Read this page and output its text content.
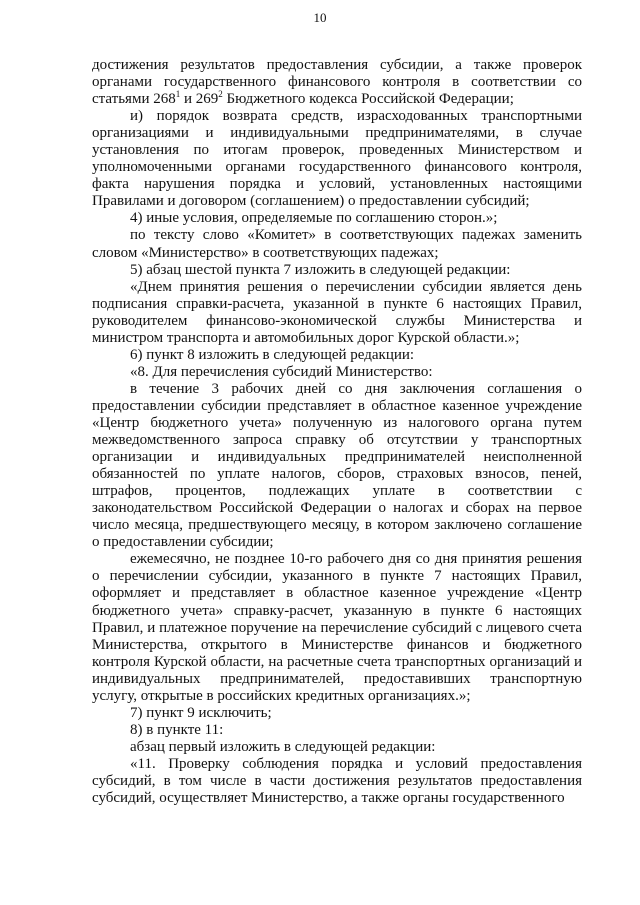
10

достижения результатов предоставления субсидии, а также проверок органами государственного финансового контроля в соответствии со статьями $268^1$ и $269^2$ Бюджетного кодекса Российской Федерации;

и) порядок возврата средств, израсходованных транспортными организациями и индивидуальными предпринимателями, в случае установления по итогам проверок, проведенных Министерством и уполномоченными органами государственного финансового контроля, факта нарушения порядка и условий, установленных настоящими Правилами и договором (соглашением) о предоставлении субсидий;

4) иные условия, определяемые по соглашению сторон.»;

по тексту слово «Комитет» в соответствующих падежах заменить словом «Министерство» в соответствующих падежах;

5) абзац шестой пункта 7 изложить в следующей редакции:

«Днем принятия решения о перечислении субсидии является день подписания справки-расчета, указанной в пункте 6 настоящих Правил, руководителем финансово-экономической службы Министерства и министром транспорта и автомобильных дорог Курской области.»;

6) пункт 8 изложить в следующей редакции:

«8. Для перечисления субсидий Министерство:

в течение 3 рабочих дней со дня заключения соглашения о предоставлении субсидии представляет в областное казенное учреждение «Центр бюджетного учета» полученную из налогового органа путем межведомственного запроса справку об отсутствии у транспортных организации и индивидуальных предпринимателей неисполненной обязанностей по уплате налогов, сборов, страховых взносов, пеней, штрафов, процентов, подлежащих уплате в соответствии с законодательством Российской Федерации о налогах и сборах на первое число месяца, предшествующего месяцу, в котором заключено соглашение о предоставлении субсидии;

ежемесячно, не позднее 10-го рабочего дня со дня принятия решения о перечислении субсидии, указанного в пункте 7 настоящих Правил, оформляет и представляет в областное казенное учреждение «Центр бюджетного учета» справку-расчет, указанную в пункте 6 настоящих Правил, и платежное поручение на перечисление субсидий с лицевого счета Министерства, открытого в Министерстве финансов и бюджетного контроля Курской области, на расчетные счета транспортных организаций и индивидуальных предпринимателей, предоставивших транспортную услугу, открытые в российских кредитных организациях.»;

7) пункт 9 исключить;

8) в пункте 11:

абзац первый изложить в следующей редакции:

«11. Проверку соблюдения порядка и условий предоставления субсидий, в том числе в части достижения результатов предоставления субсидий, осуществляет Министерство, а также органы государственного
